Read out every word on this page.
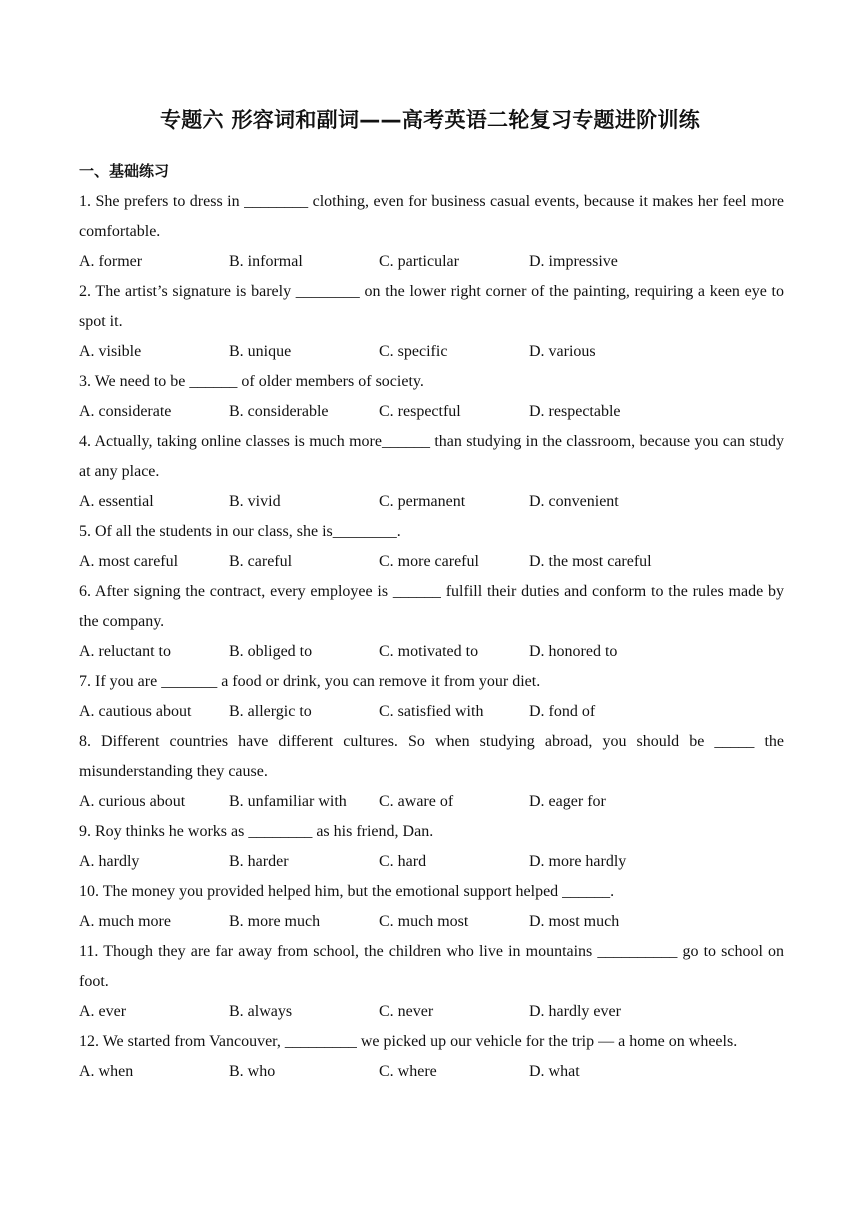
专题六 形容词和副词——高考英语二轮复习专题进阶训练
一、基础练习
1. She prefers to dress in ________ clothing, even for business casual events, because it makes her feel more comfortable.
A. former	B. informal	C. particular	D. impressive
2. The artist’s signature is barely ________ on the lower right corner of the painting, requiring a keen eye to spot it.
A. visible	B. unique	C. specific	D. various
3. We need to be ______ of older members of society.
A. considerate	B. considerable	C. respectful	D. respectable
4. Actually, taking online classes is much more______ than studying in the classroom, because you can study at any place.
A. essential	B. vivid	C. permanent	D. convenient
5. Of all the students in our class, she is________.
A. most careful	B. careful	C. more careful	D. the most careful
6. After signing the contract, every employee is ______ fulfill their duties and conform to the rules made by the company.
A. reluctant to	B. obliged to	C. motivated to	D. honored to
7. If you are _______ a food or drink, you can remove it from your diet.
A. cautious about	B. allergic to	C. satisfied with	D. fond of
8. Different countries have different cultures. So when studying abroad, you should be _____ the misunderstanding they cause.
A. curious about	B. unfamiliar with	C. aware of	D. eager for
9. Roy thinks he works as ________ as his friend, Dan.
A. hardly	B. harder	C. hard	D. more hardly
10. The money you provided helped him, but the emotional support helped ______.
A. much more	B. more much	C. much most	D. most much
11. Though they are far away from school, the children who live in mountains __________ go to school on foot.
A. ever	B. always	C. never	D. hardly ever
12. We started from Vancouver, _________ we picked up our vehicle for the trip — a home on wheels.
A. when	B. who	C. where	D. what
